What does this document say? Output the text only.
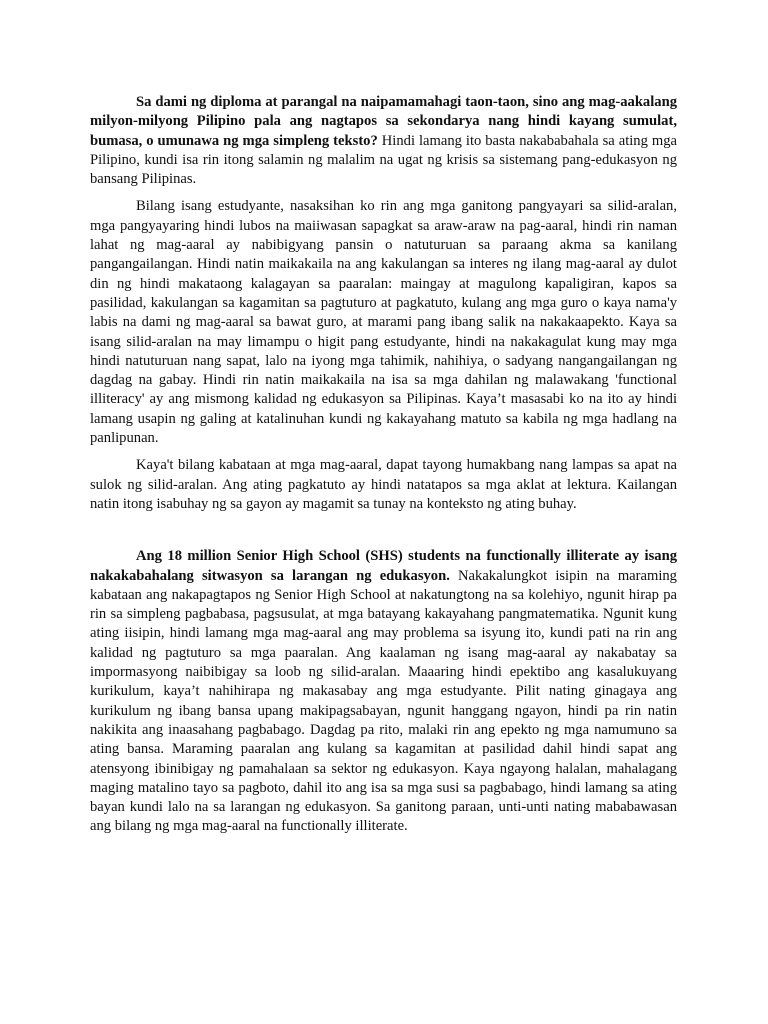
Sa dami ng diploma at parangal na naipamamahagi taon-taon, sino ang mag-aakalang milyon-milyong Pilipino pala ang nagtapos sa sekondarya nang hindi kayang sumulat, bumasa, o umunawa ng mga simpleng teksto? Hindi lamang ito basta nakababahala sa ating mga Pilipino, kundi isa rin itong salamin ng malalim na ugat ng krisis sa sistemang pang-edukasyon ng bansang Pilipinas.

Bilang isang estudyante, nasaksihan ko rin ang mga ganitong pangyayari sa silid-aralan, mga pangyayaring hindi lubos na maiiwasan sapagkat sa araw-araw na pag-aaral, hindi rin naman lahat ng mag-aaral ay nabibigyang pansin o natuturuan sa paraang akma sa kanilang pangangailangan. Hindi natin maikakaila na ang kakulangan sa interes ng ilang mag-aaral ay dulot din ng hindi makataong kalagayan sa paaralan: maingay at magulong kapaligiran, kapos sa pasilidad, kakulangan sa kagamitan sa pagtuturo at pagkatuto, kulang ang mga guro o kaya nama'y labis na dami ng mag-aaral sa bawat guro, at marami pang ibang salik na nakakaapekto. Kaya sa isang silid-aralan na may limampu o higit pang estudyante, hindi na nakakagulat kung may mga hindi natuturuan nang sapat, lalo na iyong mga tahimik, nahihiya, o sadyang nangangailangan ng dagdag na gabay. Hindi rin natin maikakaila na isa sa mga dahilan ng malawakang 'functional illiteracy' ay ang mismong kalidad ng edukasyon sa Pilipinas. Kaya’t masasabi ko na ito ay hindi lamang usapin ng galing at katalinuhan kundi ng kakayahang matuto sa kabila ng mga hadlang na panlipunan.

Kaya't bilang kabataan at mga mag-aaral, dapat tayong humakbang nang lampas sa apat na sulok ng silid-aralan. Ang ating pagkatuto ay hindi natatapos sa mga aklat at lektura. Kailangan natin itong isabuhay ng sa gayon ay magamit sa tunay na konteksto ng ating buhay.

Ang 18 million Senior High School (SHS) students na functionally illiterate ay isang nakakabahalang sitwasyon sa larangan ng edukasyon. Nakakalungkot isipin na maraming kabataan ang nakapagtapos ng Senior High School at nakatungtong na sa kolehiyo, ngunit hirap pa rin sa simpleng pagbabasa, pagsusulat, at mga batayang kakayahang pangmatematika. Ngunit kung ating iisipin, hindi lamang mga mag-aaral ang may problema sa isyung ito, kundi pati na rin ang kalidad ng pagtuturo sa mga paaralan. Ang kaalaman ng isang mag-aaral ay nakabatay sa impormasyong naibibigay sa loob ng silid-aralan. Maaaring hindi epektibo ang kasalukuyang kurikulum, kaya’t nahihirapa ng makasabay ang mga estudyante. Pilit nating ginagaya ang kurikulum ng ibang bansa upang makipagsabayan, ngunit hanggang ngayon, hindi pa rin natin nakikita ang inaasahang pagbabago. Dagdag pa rito, malaki rin ang epekto ng mga namumuno sa ating bansa. Maraming paaralan ang kulang sa kagamitan at pasilidad dahil hindi sapat ang atensyong ibinibigay ng pamahalaan sa sektor ng edukasyon. Kaya ngayong halalan, mahalagang maging matalino tayo sa pagboto, dahil ito ang isa sa mga susi sa pagbabago, hindi lamang sa ating bayan kundi lalo na sa larangan ng edukasyon. Sa ganitong paraan, unti-unti nating mababawasan ang bilang ng mga mag-aaral na functionally illiterate.
